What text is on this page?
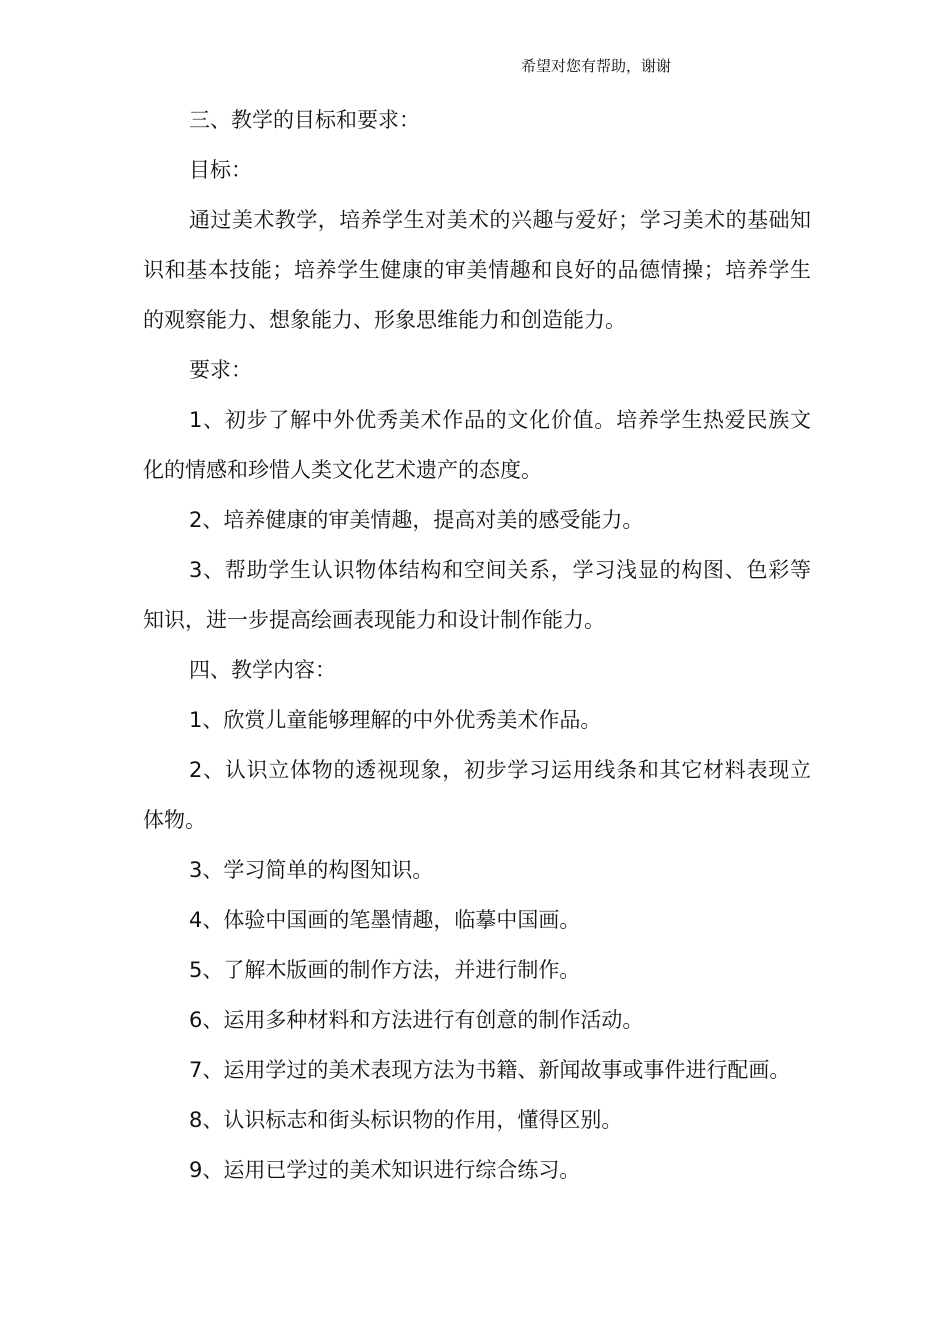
希望对您有帮助，谢谢

三、教学的目标和要求：

目标：

通过美术教学，培养学生对美术的兴趣与爱好；学习美术的基础知识和基本技能；培养学生健康的审美情趣和良好的品德情操；培养学生的观察能力、想象能力、形象思维能力和创造能力。

要求：

1、初步了解中外优秀美术作品的文化价值。培养学生热爱民族文化的情感和珍惜人类文化艺术遗产的态度。

2、培养健康的审美情趣，提高对美的感受能力。

3、帮助学生认识物体结构和空间关系，学习浅显的构图、色彩等知识，进一步提高绘画表现能力和设计制作能力。

四、教学内容：

1、欣赏儿童能够理解的中外优秀美术作品。

2、认识立体物的透视现象，初步学习运用线条和其它材料表现立体物。

3、学习简单的构图知识。

4、体验中国画的笔墨情趣，临摹中国画。

5、了解木版画的制作方法，并进行制作。

6、运用多种材料和方法进行有创意的制作活动。

7、运用学过的美术表现方法为书籍、新闻故事或事件进行配画。

8、认识标志和街头标识物的作用，懂得区别。

9、运用已学过的美术知识进行综合练习。
